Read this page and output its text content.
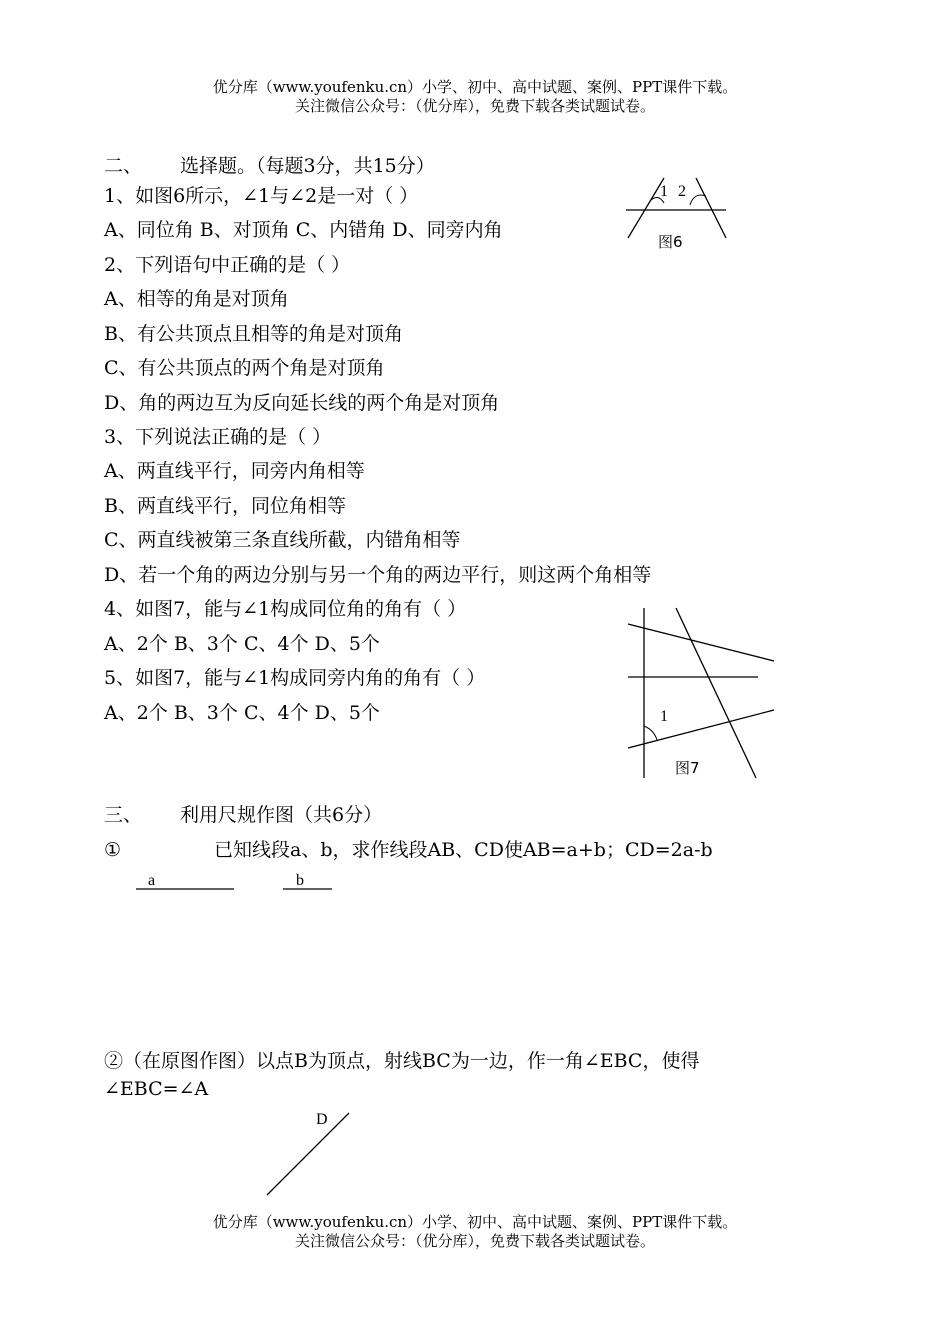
优分库（www.youfenku.cn）小学、初中、高中试题、案例、PPT课件下载。
关注微信公众号：（优分库），免费下载各类试题试卷。
二、 选择题。（每题3分，共15分）
1、如图6所示，∠1与∠2是一对（ ）
A、同位角 B、对顶角 C、内错角 D、同旁内角
2、下列语句中正确的是（ ）
A、相等的角是对顶角
B、有公共顶点且相等的角是对顶角
C、有公共顶点的两个角是对顶角
D、角的两边互为反向延长线的两个角是对顶角
3、下列说法正确的是（ ）
A、两直线平行，同旁内角相等
B、两直线平行，同位角相等
C、两直线被第三条直线所截，内错角相等
D、若一个角的两边分别与另一个角的两边平行，则这两个角相等
4、如图7，能与∠1构成同位角的角有（ ）
A、2个 B、3个 C、4个 D、5个
5、如图7，能与∠1构成同旁内角的角有（ ）
A、2个 B、3个 C、4个 D、5个
1 2
图6
1
图7
三、 利用尺规作图（共6分）
①	已知线段a、b，求作线段AB、CD使AB=a+b；CD=2a-b
a	b
②（在原图作图）以点B为顶点，射线BC为一边，作一角∠EBC，使得
∠EBC=∠A
D
优分库（www.youfenku.cn）小学、初中、高中试题、案例、PPT课件下载。
关注微信公众号：（优分库），免费下载各类试题试卷。
